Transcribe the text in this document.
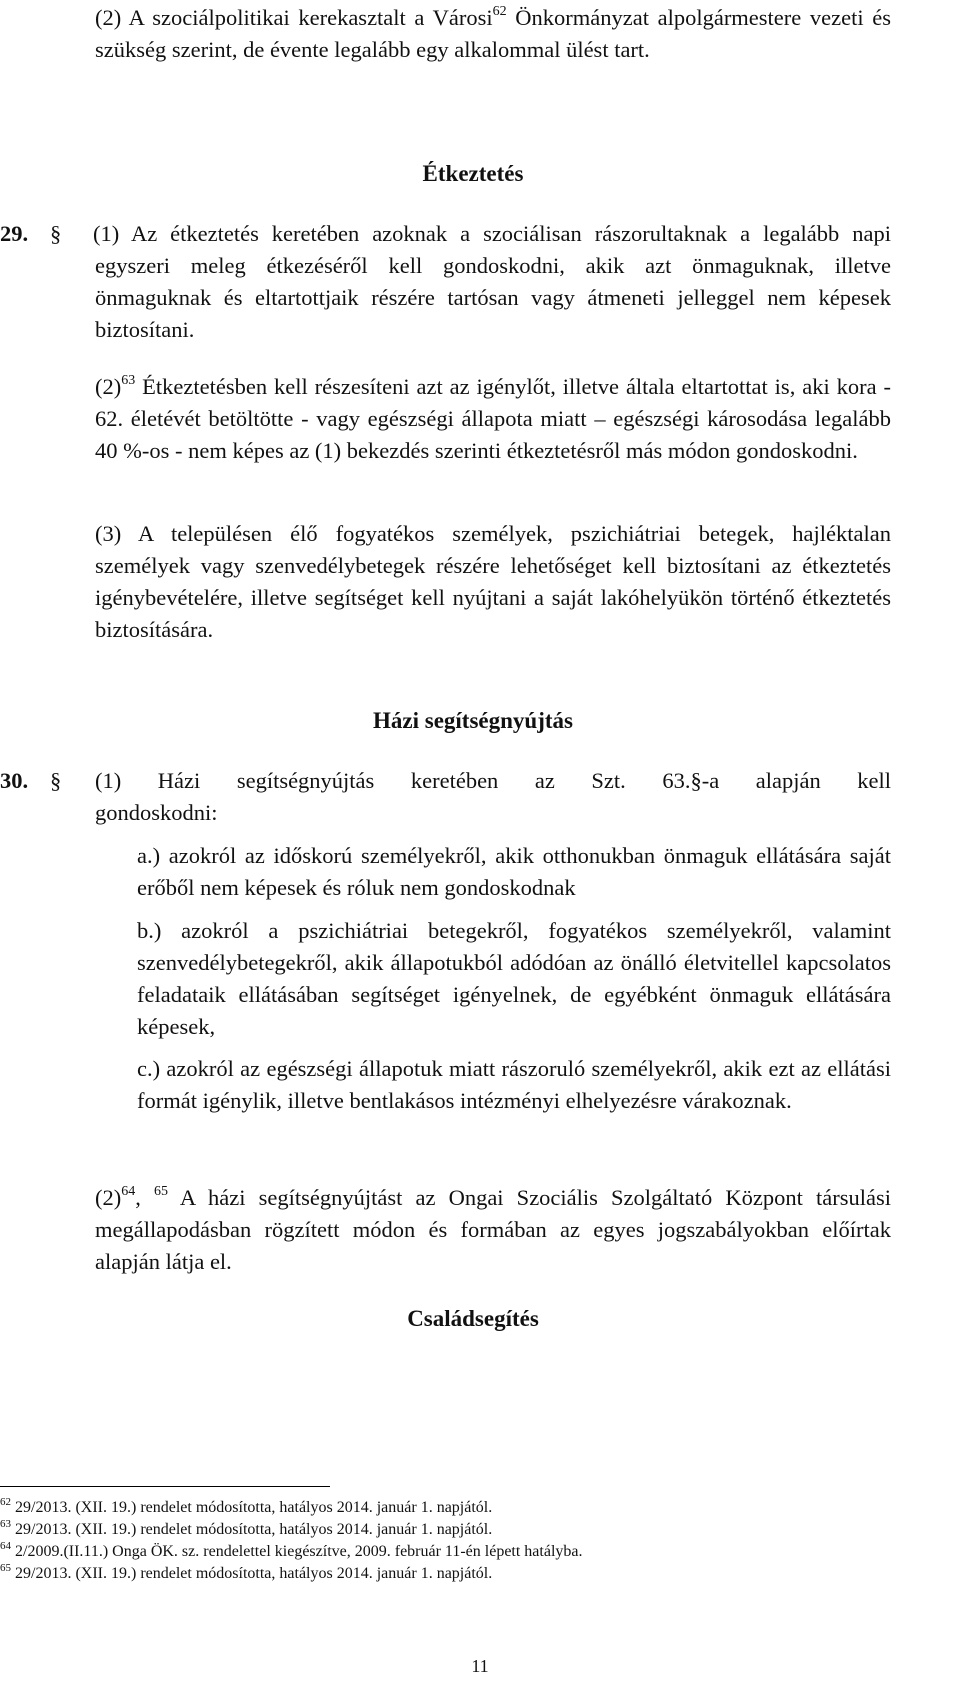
(2) A szociálpolitikai kerekasztalt a Városi$^{62}$ Önkormányzat alpolgármestere vezeti és szükség szerint, de évente legalább egy alkalommal ülést tart.
Étkeztetés
29. § (1) Az étkeztetés keretében azoknak a szociálisan rászorultaknak a legalább napi egyszeri meleg étkezéséről kell gondoskodni, akik azt önmaguknak, illetve önmaguknak és eltartottjaik részére tartósan vagy átmeneti jelleggel nem képesek biztosítani.
$(2)^{63}$ Étkeztetésben kell részesíteni azt az igénylőt, illetve általa eltartottat is, aki kora - 62. életévét betöltötte - vagy egészségi állapota miatt – egészségi károsodása legalább 40 %-os - nem képes az (1) bekezdés szerinti étkeztetésről más módon gondoskodni.
(3) A településen élő fogyatékos személyek, pszichiátriai betegek, hajléktalan személyek vagy szenvedélybetegek részére lehetőséget kell biztosítani az étkeztetés igénybevételére, illetve segítséget kell nyújtani a saját lakóhelyükön történő étkeztetés biztosítására.
Házi segítségnyújtás
30. § (1) Házi segítségnyújtás keretében az Szt. 63.§-a alapján kell gondoskodni:
a.) azokról az időskorú személyekről, akik otthonukban önmaguk ellátására saját erőből nem képesek és róluk nem gondoskodnak
b.) azokról a pszichiátriai betegekről, fogyatékos személyekről, valamint szenvedélybetegekről, akik állapotukból adódóan az önálló életvitellel kapcsolatos feladataik ellátásában segítséget igényelnek, de egyébként önmaguk ellátására képesek,
c.) azokról az egészségi állapotuk miatt rászoruló személyekről, akik ezt az ellátási formát igénylik, illetve bentlakásos intézményi elhelyezésre várakoznak.
$(2)^{64}$, $^{65}$ A házi segítségnyújtást az Ongai Szociális Szolgáltató Központ társulási megállapodásban rögzített módon és formában az egyes jogszabályokban előírtak alapján látja el.
Családsegítés
$^{62}$ 29/2013. (XII. 19.) rendelet módosította, hatályos 2014. január 1. napjától.
$^{63}$ 29/2013. (XII. 19.) rendelet módosította, hatályos 2014. január 1. napjától.
$^{64}$ 2/2009.(II.11.) Onga ÖK. sz. rendelettel kiegészítve, 2009. február 11-én lépett hatályba.
$^{65}$ 29/2013. (XII. 19.) rendelet módosította, hatályos 2014. január 1. napjától.
11
